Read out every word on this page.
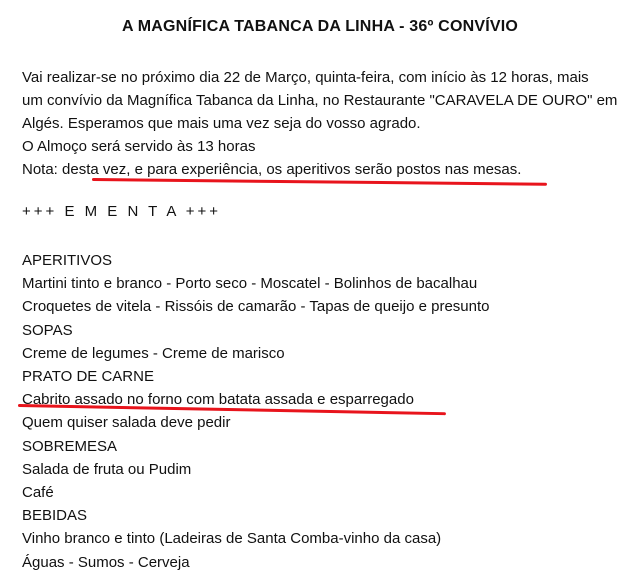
A MAGNÍFICA TABANCA DA LINHA - 36º CONVÍVIO
Vai realizar-se no próximo dia 22 de Março, quinta-feira, com início às 12 horas, mais
um convívio da Magnífica Tabanca da Linha, no Restaurante "CARAVELA DE OURO" em
Algés. Esperamos que mais uma vez seja do vosso agrado.
O Almoço será servido às 13 horas
Nota: desta vez, e para experiência, os aperitivos serão postos nas mesas.
+++ E M E N T A +++
APERITIVOS
Martini tinto e branco - Porto seco - Moscatel - Bolinhos de bacalhau
Croquetes de vitela - Rissóis de camarão - Tapas de queijo e presunto
SOPAS
Creme de legumes - Creme de marisco
PRATO DE CARNE
Cabrito assado no forno com batata assada e esparregado
Quem quiser salada deve pedir
SOBREMESA
Salada de fruta ou Pudim
Café
BEBIDAS
Vinho branco e tinto (Ladeiras de Santa Comba-vinho da casa)
Águas - Sumos - Cerveja
